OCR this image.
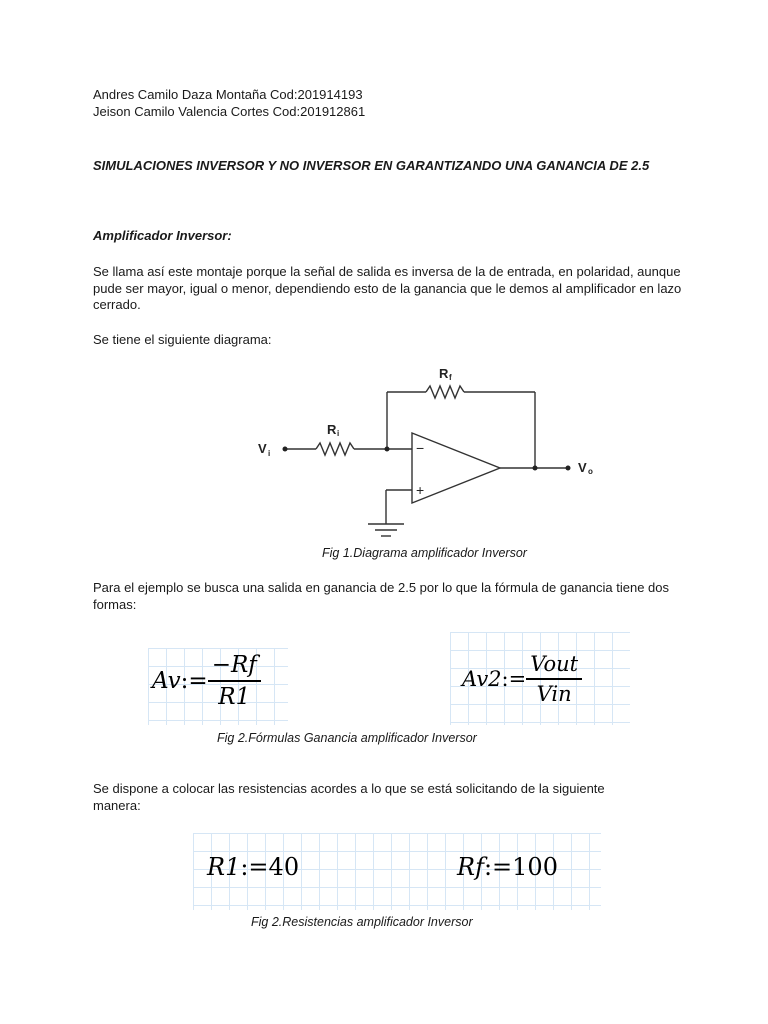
Andres Camilo Daza Montaña Cod:201914193

Jeison Camilo Valencia Cortes Cod:201912861

SIMULACIONES INVERSOR Y NO INVERSOR EN GARANTIZANDO UNA GANANCIA DE 2.5

Amplificador Inversor:

Se llama así este montaje porque la señal de salida es inversa de la de entrada, en polaridad, aunque pude ser mayor, igual o menor, dependiendo esto de la ganancia que le demos al amplificador en lazo cerrado.

Se tiene el siguiente diagrama:

V i
R i
R f
V o
−
+

Fig 1.Diagrama amplificador Inversor

Para el ejemplo se busca una salida en ganancia de 2.5 por lo que la fórmula de ganancia tiene dos formas:

Av := $\frac{-Rf}{R1}$	Av2 := $\frac{\text{Vout}}{\text{Vin}}$

Fig 2.Fórmulas Ganancia amplificador Inversor

Se dispone a colocar las resistencias acordes a lo que se está solicitando de la siguiente manera:

R1 := 40	Rf := 100

Fig 2.Resistencias amplificador Inversor
